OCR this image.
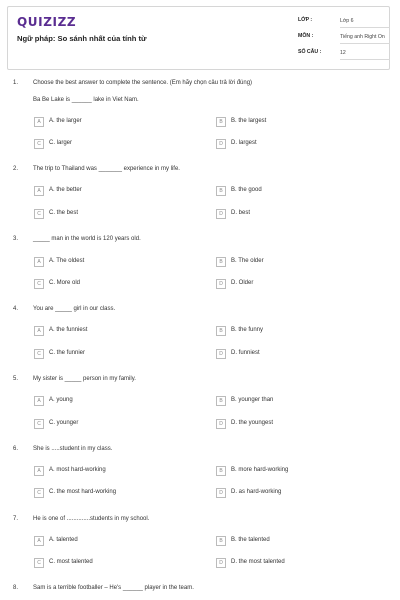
QUIZIZZ
Ngữ pháp: So sánh nhất của tính từ
LỚP :	Lớp 6
MÔN :	Tiếng anh Right On
SỐ CÂU :	12
1. Choose the best answer to complete the sentence. (Em hãy chọn câu trả lời đúng)
Ba Be Lake is ______ lake in Viet Nam.
A	A. the larger	B	B. the largest
C	C. larger	D	D. largest
2. The trip to Thailand was _______ experience in my life.
A	A. the better	B	B. the good
C	C. the best	D	D. best
3. _____ man in the world is 120 years old.
A	A. The oldest	B	B. The older
C	C. More old	D	D. Older
4. You are _____ girl in our class.
A	A. the funniest	B	B. the funny
C	C. the funnier	D	D. funniest
5. My sister is _____ person in my family.
A	A. young	B	B. younger than
C	C. younger	D	D. the youngest
6. She is .....student in my class.
A	A. most hard-working	B	B. more hard-working
C	C. the most hard-working	D	D. as hard-working
7. He is one of ..............students in my school.
A	A. talented	B	B. the talented
C	C. most talented	D	D. the most talented
8. Sam is a terrible footballer – He's ______ player in the team.
